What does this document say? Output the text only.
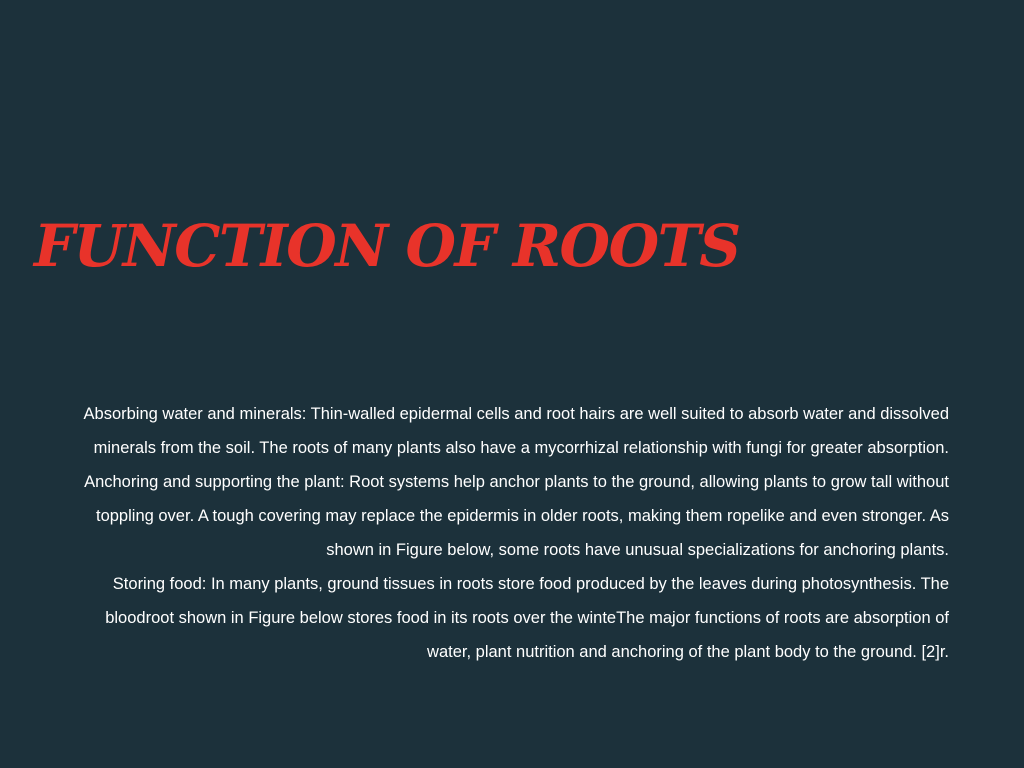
FUNCTION OF ROOTS

Absorbing water and minerals: Thin-walled epidermal cells and root hairs are well suited to absorb water and dissolved minerals from the soil. The roots of many plants also have a mycorrhizal relationship with fungi for greater absorption.

Anchoring and supporting the plant: Root systems help anchor plants to the ground, allowing plants to grow tall without toppling over. A tough covering may replace the epidermis in older roots, making them ropelike and even stronger. As shown in Figure below, some roots have unusual specializations for anchoring plants.

Storing food: In many plants, ground tissues in roots store food produced by the leaves during photosynthesis. The bloodroot shown in Figure below stores food in its roots over the winteThe major functions of roots are absorption of water, plant nutrition and anchoring of the plant body to the ground. [2]r.
